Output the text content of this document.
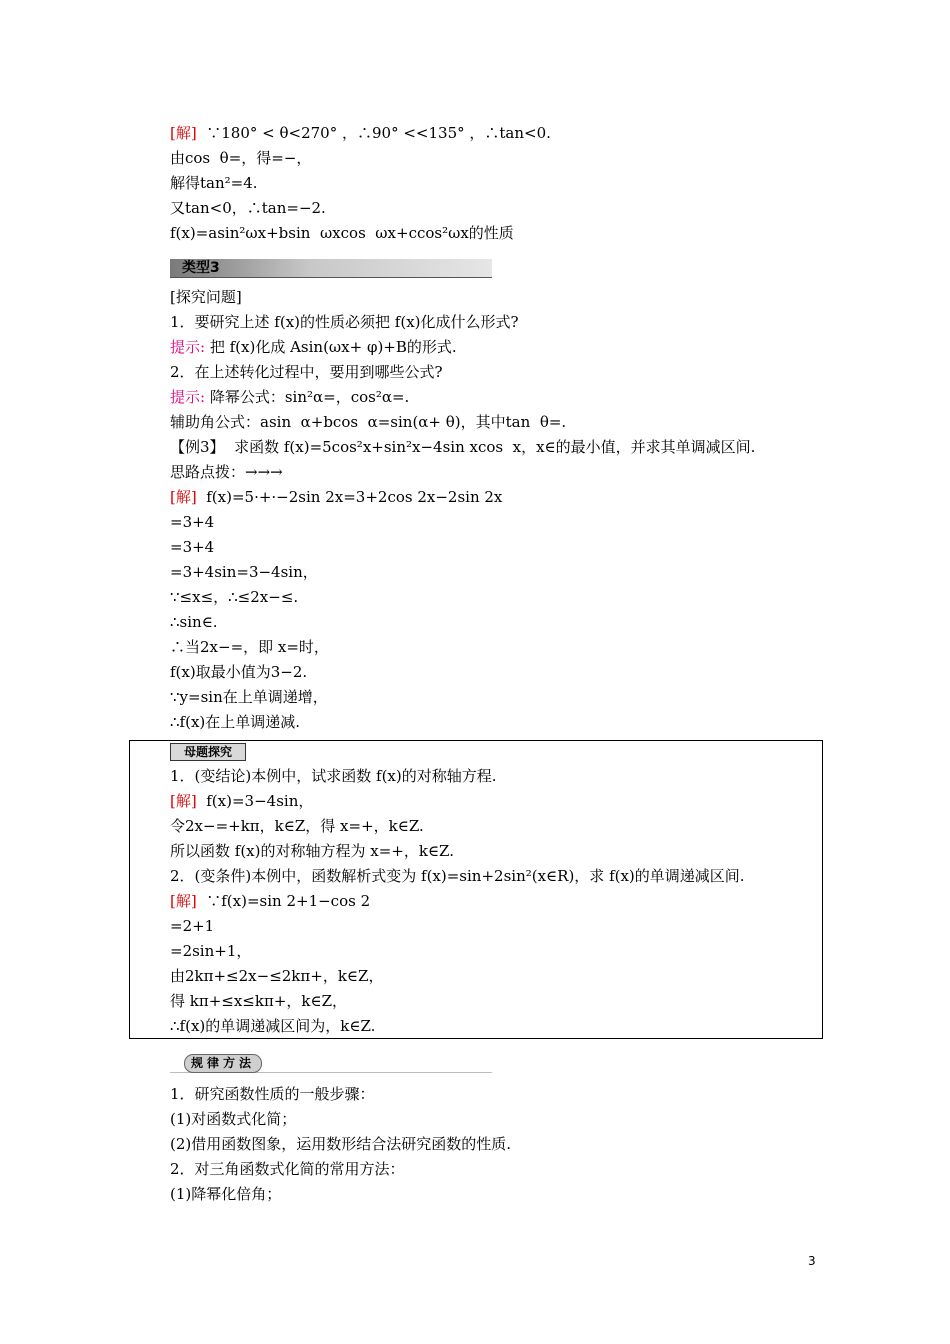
[解]  ∵180° < θ<270° ，∴90° <<135° ，∴tan<0.
由cos  θ=，得=−，
解得tan²=4.
又tan<0，∴tan=−2.
f(x)=asin²ωx+bsin  ωxcos  ωx+ccos²ωx的性质
类型3
[探究问题]
1．要研究上述 f(x)的性质必须把 f(x)化成什么形式?
提示: 把 f(x)化成 Asin(ωx+ φ)+B的形式.
2．在上述转化过程中，要用到哪些公式?
提示: 降幂公式：sin²α=，cos²α=.
辅助角公式：asin  α+bcos  α=sin(α+ θ)，其中tan  θ=.
【例3】  求函数 f(x)=5cos²x+sin²x−4sin xcos  x，x∈的最小值，并求其单调减区间.
思路点拨：→→→
[解]  f(x)=5·+·−2sin 2x=3+2cos 2x−2sin 2x
=3+4
=3+4
=3+4sin=3−4sin，
∵≤x≤，∴≤2x−≤.
∴sin∈.
∴当2x−=，即 x=时，
f(x)取最小值为3−2.
∵y=sin在上单调递增，
∴f(x)在上单调递减.
母题探究
1．(变结论)本例中，试求函数 f(x)的对称轴方程.
[解]  f(x)=3−4sin，
令2x−=+kπ，k∈Z，得 x=+，k∈Z.
所以函数 f(x)的对称轴方程为 x=+，k∈Z.
2．(变条件)本例中，函数解析式变为 f(x)=sin+2sin²(x∈R)，求 f(x)的单调递减区间.
[解]  ∵f(x)=sin 2+1−cos 2
=2+1
=2sin+1，
由2kπ+≤2x−≤2kπ+，k∈Z，
得 kπ+≤x≤kπ+，k∈Z，
∴f(x)的单调递减区间为，k∈Z.
规律方法
1．研究函数性质的一般步骤：
(1)对函数式化简；
(2)借用函数图象，运用数形结合法研究函数的性质.
2．对三角函数式化简的常用方法：
(1)降幂化倍角；
3
